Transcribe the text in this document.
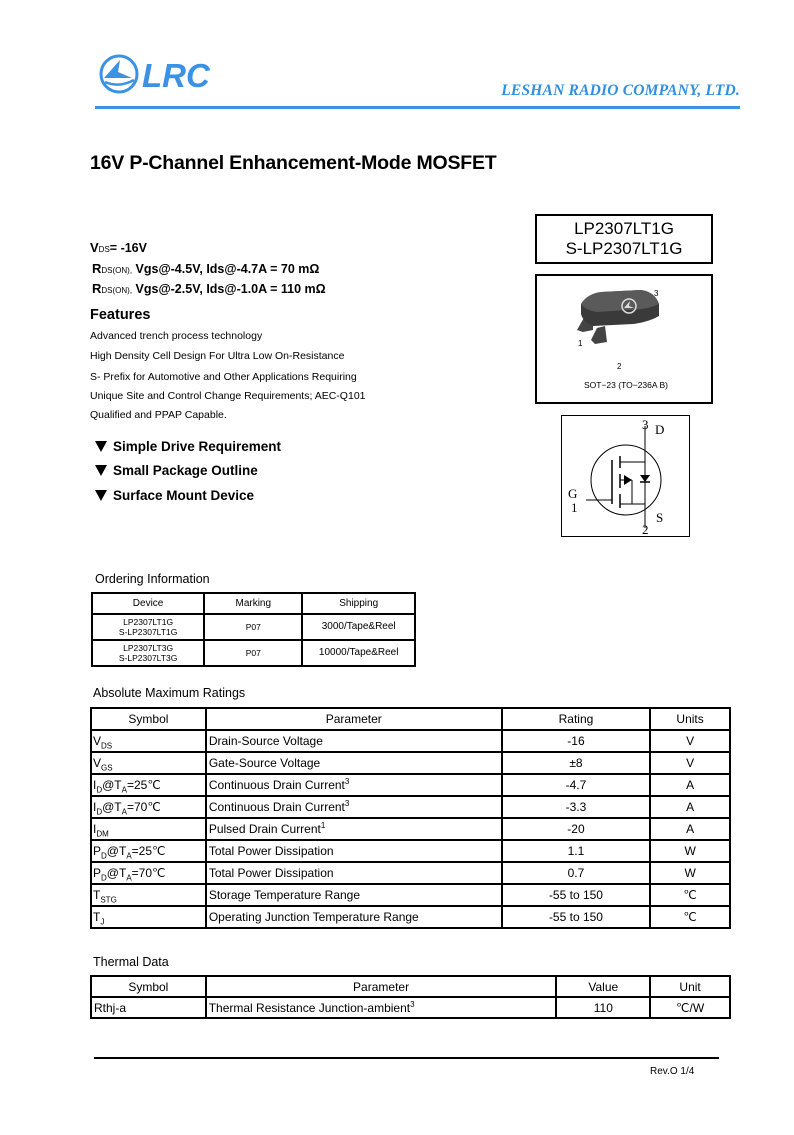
LRC	LESHAN RADIO COMPANY, LTD.
16V P-Channel Enhancement-Mode MOSFET
VDS= -16V
RDS(ON), Vgs@-4.5V, Ids@-4.7A = 70 mΩ
RDS(ON), Vgs@-2.5V, Ids@-1.0A = 110 mΩ
Features
Advanced trench process technology
High Density Cell Design For Ultra Low On-Resistance
S- Prefix for Automotive and Other Applications Requiring
Unique Site and Control Change Requirements; AEC-Q101
Qualified and PPAP Capable.
Simple Drive Requirement
Small Package Outline
Surface Mount Device
LP2307LT1G
S-LP2307LT1G
3
1
2
SOT−23 (TO−236A B)
3 D
G
1
S
2
Ordering Information
Device	Marking	Shipping

LP2307LT1G
S-LP2307LT1G	P07	3000/Tape&Reel

LP2307LT3G
S-LP2307LT3G	P07	10000/Tape&Reel
Absolute Maximum Ratings
Symbol	Parameter	Rating	Units
$V_{DS}$	Drain-Source Voltage	-16	V
$V_{GS}$	Gate-Source Voltage	±8	V
$I_D@T_A=25℃$	Continuous Drain Current$^3$	-4.7	A
$I_D@T_A=70℃$	Continuous Drain Current$^3$	-3.3	A
$I_{DM}$	Pulsed Drain Current$^1$	-20	A
$P_D@T_A=25℃$	Total Power Dissipation	1.1	W
$P_D@T_A=70℃$	Total Power Dissipation	0.7	W
$T_{STG}$	Storage Temperature Range	-55 to 150	℃
$T_J$	Operating Junction Temperature Range	-55 to 150	℃
Thermal Data
Symbol	Parameter	Value	Unit
Rthj-a	Thermal Resistance Junction-ambient$^3$	110	℃/W
Rev.O 1/4
